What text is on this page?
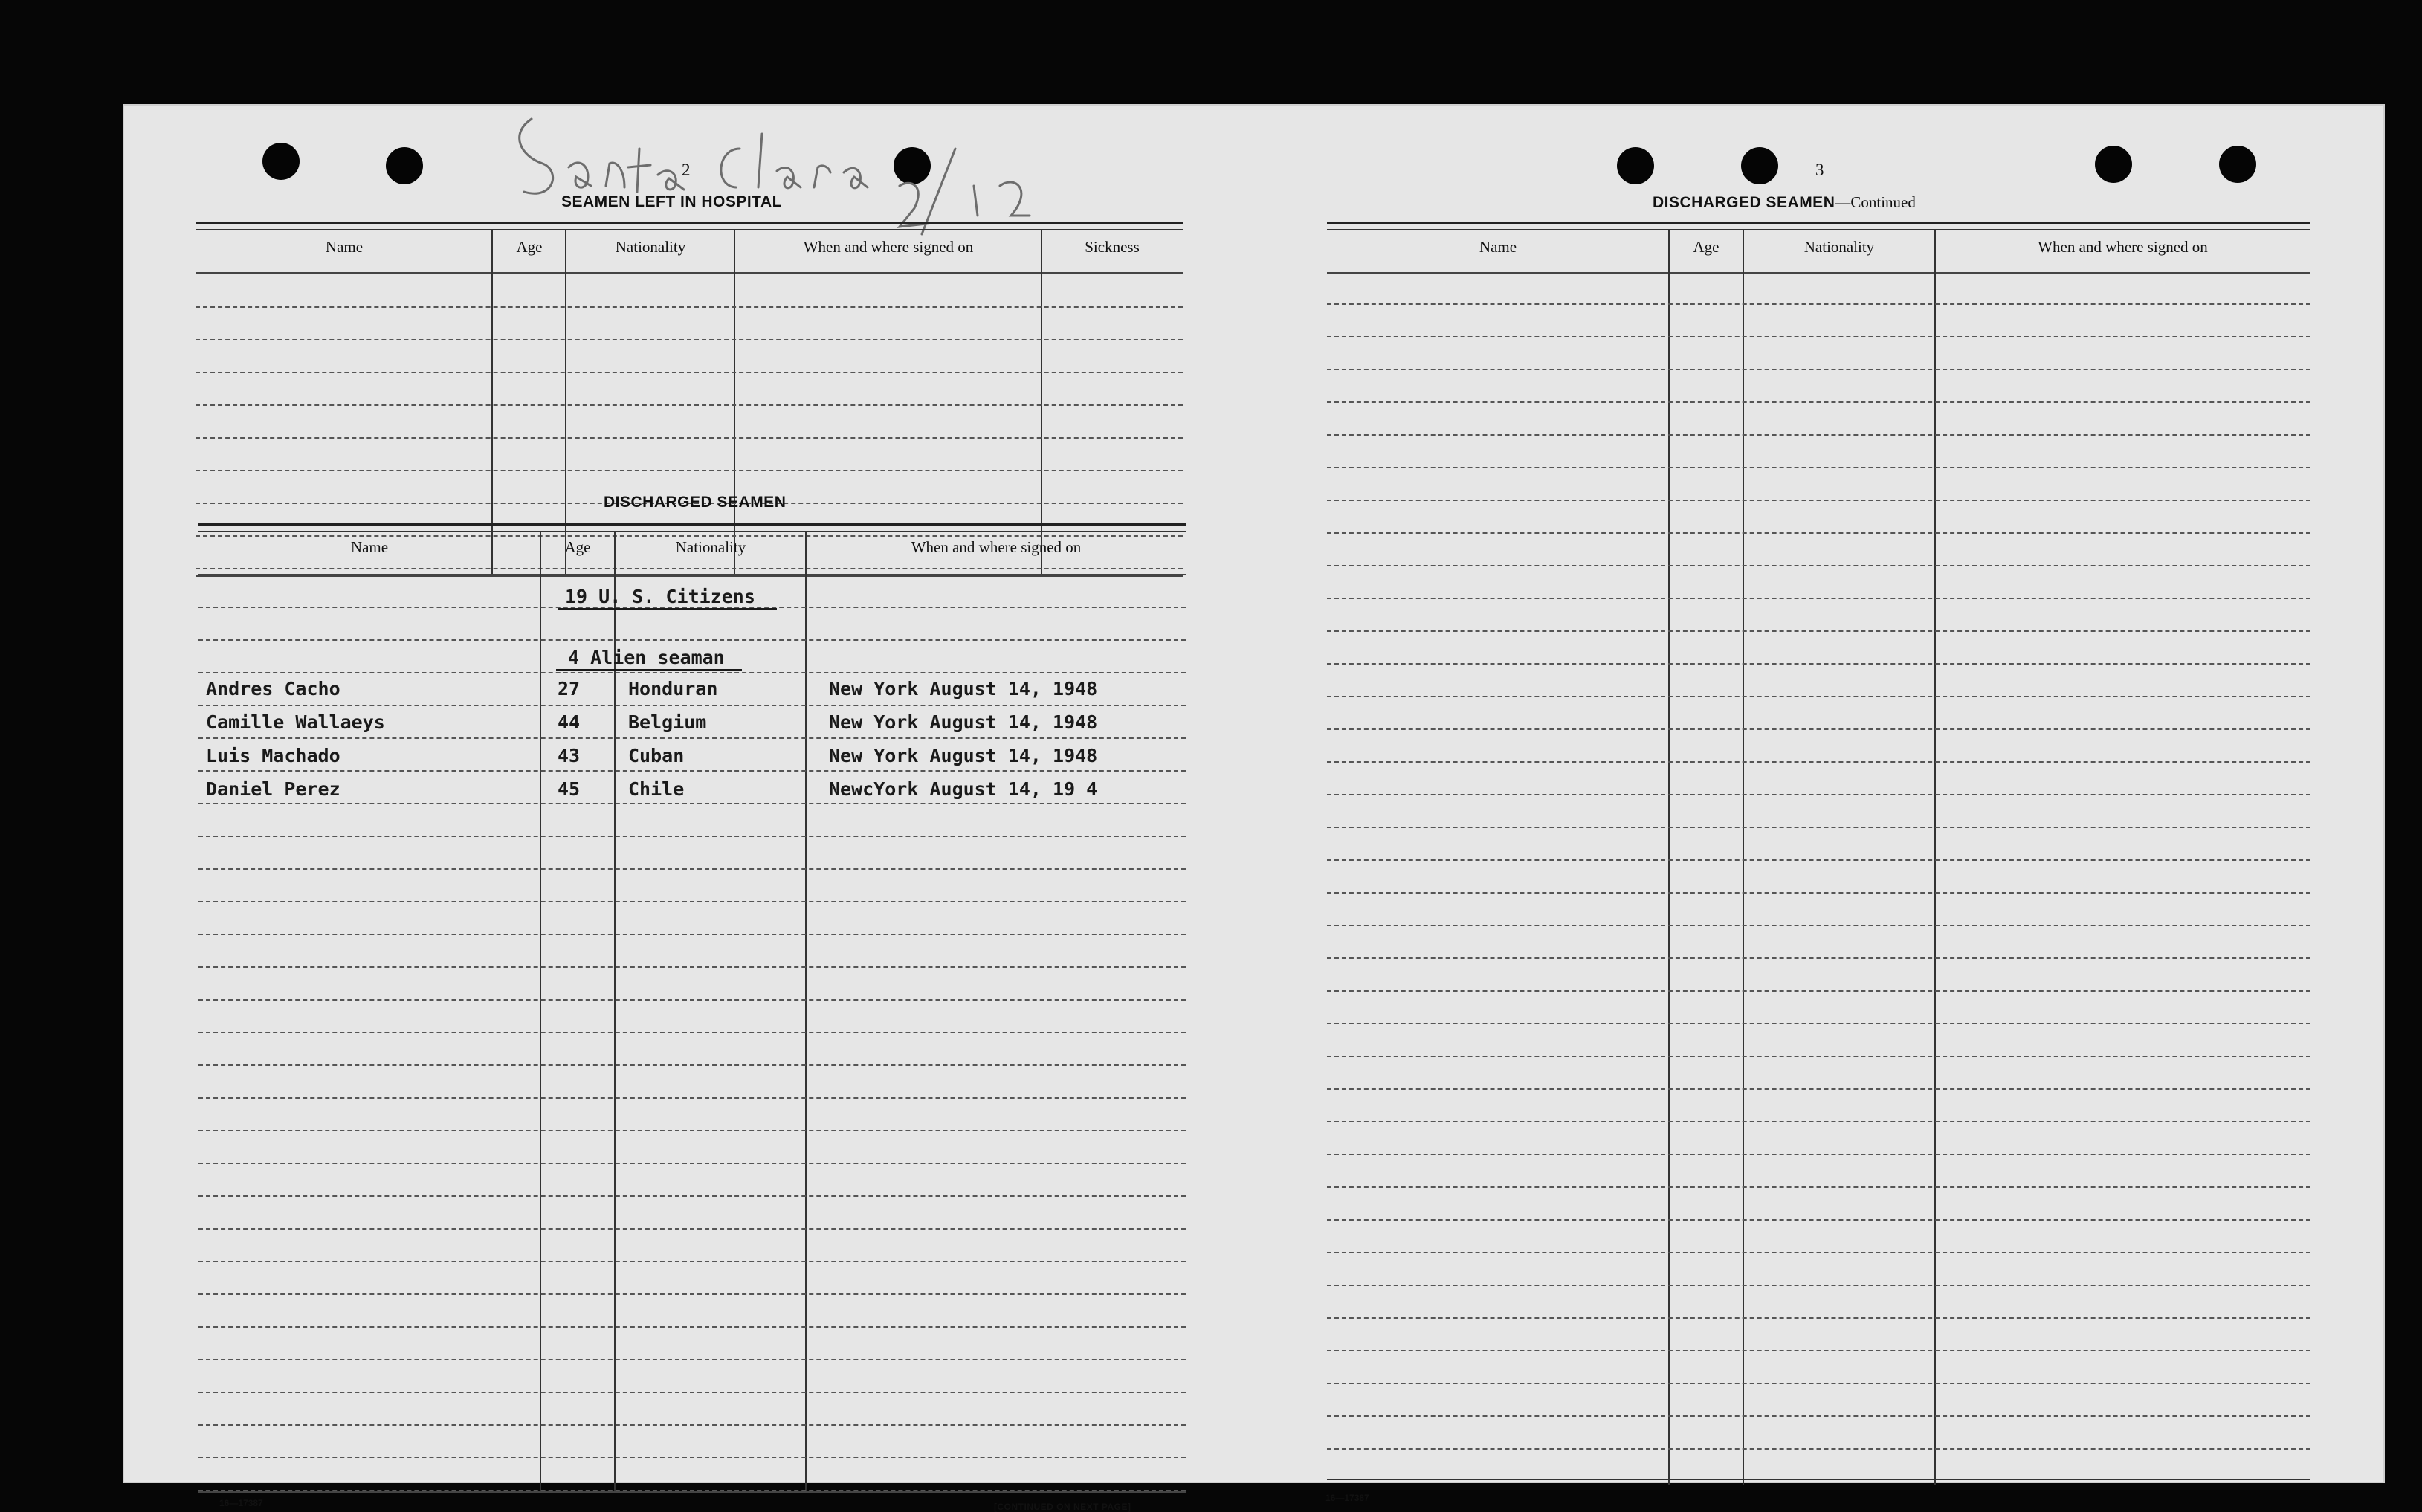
2
SEAMEN LEFT IN HOSPITAL
Name	Age	Nationality	When and where signed on	Sickness
DISCHARGED SEAMEN
Name	Age	Nationality	When and where signed on
19 U. S. Citizens
4 Alien seaman
Andres Cacho	27	Honduran	New York August 14, 1948
Camille Wallaeys	44	Belgium	New York August 14, 1948
Luis Machado	43	Cuban	New York August 14, 1948
Daniel Perez	45	Chile	NewcYork August 14, 19 4
16—17387	[CONTINUED ON NEXT PAGE]
3
DISCHARGED SEAMEN—Continued
Name	Age	Nationality	When and where signed on
16—17387
